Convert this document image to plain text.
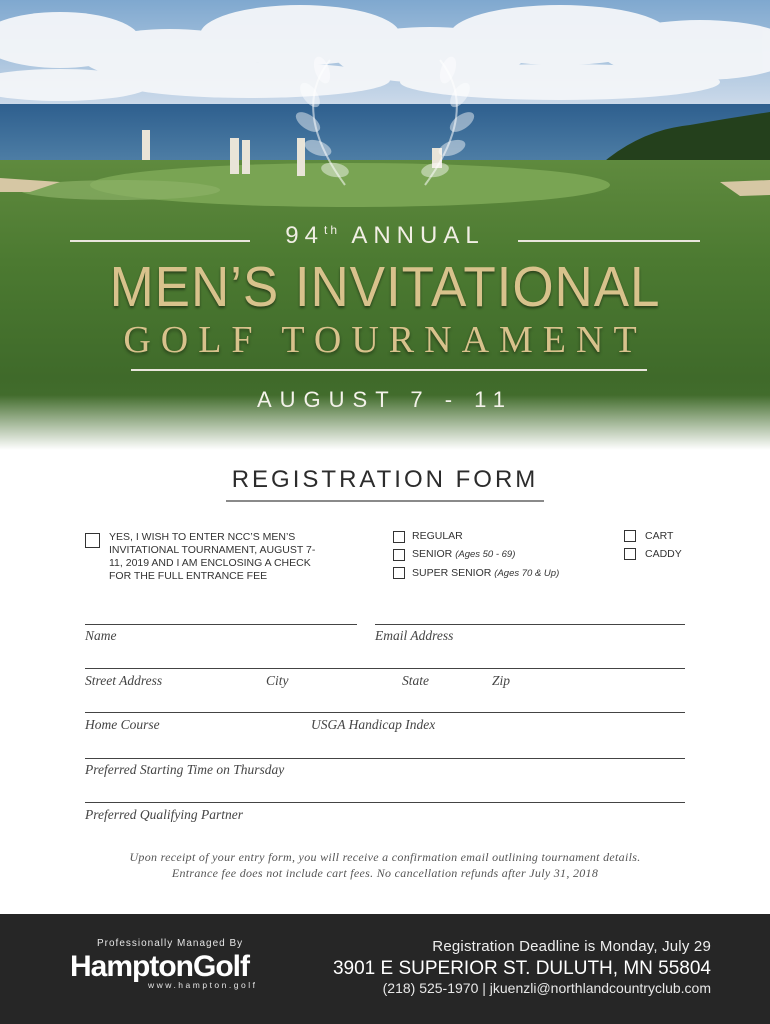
94th ANNUAL
MEN’S INVITATIONAL
GOLF TOURNAMENT
AUGUST 7 - 11
REGISTRATION FORM
YES, I WISH TO ENTER NCC’S MEN’S INVITATIONAL TOURNAMENT, AUGUST 7-11, 2019 AND I AM ENCLOSING A CHECK FOR THE FULL ENTRANCE FEE
REGULAR
SENIOR (Ages 50 - 69)
SUPER SENIOR (Ages 70 & Up)
CART
CADDY
Name	Email Address
Street Address	City	State	Zip
Home Course	USGA Handicap Index
Preferred Starting Time on Thursday
Preferred Qualifying Partner
Upon receipt of your entry form, you will receive a confirmation email outlining tournament details.
Entrance fee does not include cart fees. No cancellation refunds after July 31, 2018
Professionally Managed By
HamptonGolf
www.hampton.golf
Registration Deadline is Monday, July 29
3901 E SUPERIOR ST. DULUTH, MN 55804
(218) 525-1970 | jkuenzli@northlandcountryclub.com
